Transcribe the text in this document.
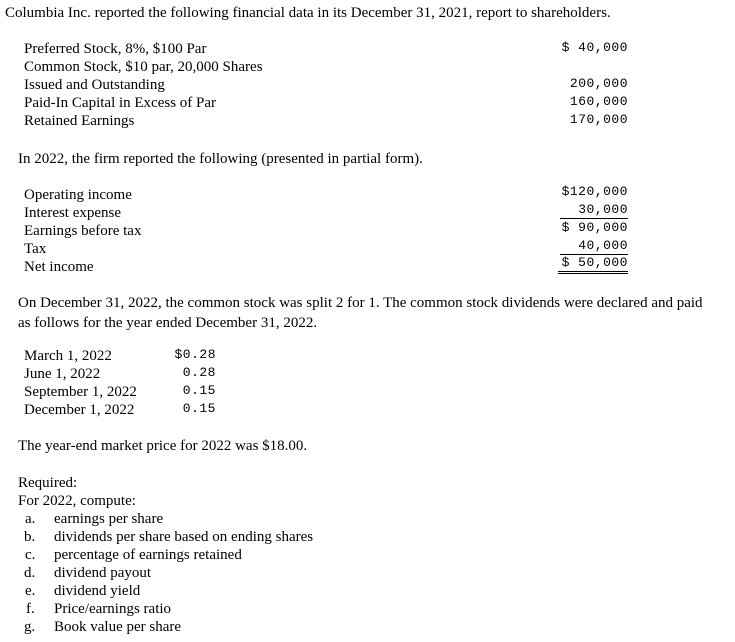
Columbia Inc. reported the following financial data in its December 31, 2021, report to shareholders.
Preferred Stock, 8%, $100 Par	$ 40,000
Common Stock, $10 par, 20,000 Shares
Issued and Outstanding	200,000
Paid-In Capital in Excess of Par	160,000
Retained Earnings	170,000
In 2022, the firm reported the following (presented in partial form).
Operating income	$120,000
Interest expense	30,000
Earnings before tax	$ 90,000
Tax	40,000
Net income	$ 50,000
On December 31, 2022, the common stock was split 2 for 1. The common stock dividends were declared and paid as follows for the year ended December 31, 2022.
March 1, 2022	$0.28
June 1, 2022	0.28
September 1, 2022	0.15
December 1, 2022	0.15
The year-end market price for 2022 was $18.00.
Required:
For 2022, compute:
a. earnings per share
b. dividends per share based on ending shares
c. percentage of earnings retained
d. dividend payout
e. dividend yield
f. Price/earnings ratio
g. Book value per share
